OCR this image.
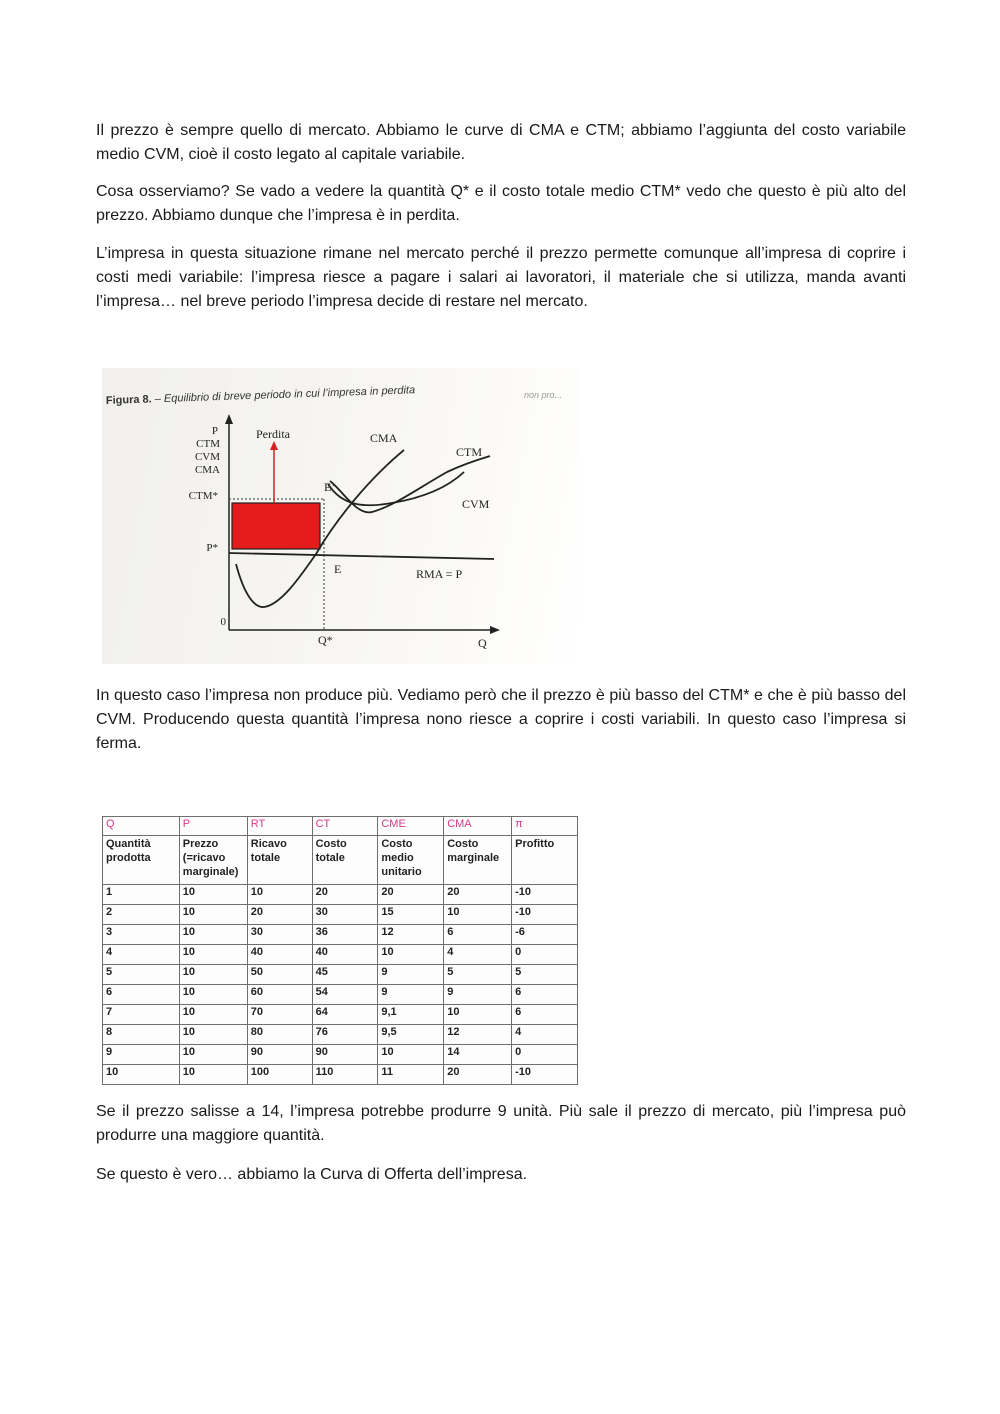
Il prezzo è sempre quello di mercato. Abbiamo le curve di CMA e CTM; abbiamo l’aggiunta del costo variabile medio CVM, cioè il costo legato al capitale variabile.

Cosa osserviamo? Se vado a vedere la quantità Q* e il costo totale medio CTM* vedo che questo è più alto del prezzo. Abbiamo dunque che l’impresa è in perdita.

L’impresa in questa situazione rimane nel mercato perché il prezzo permette comunque all’impresa di coprire i costi medi variabile: l’impresa riesce a pagare i salari ai lavoratori, il materiale che si utilizza, manda avanti l’impresa… nel breve periodo l’impresa decide di restare nel mercato.

Figura 8. – Equilibrio di breve periodo in cui l’impresa in perdita	non pro...
P
CTM
CVM
CMA
CTM*
P*
0
Perdita	CMA
CTM
CVM
E’
E	RMA = P
Q*	Q

In questo caso l’impresa non produce più. Vediamo però che il prezzo è più basso del CTM* e che è più basso del CVM. Producendo questa quantità l’impresa nono riesce a coprire i costi variabili. In questo caso l’impresa si ferma.

Q	P	RT	CT	CME	CMA	π
Quantità prodotta	Prezzo (=ricavo marginale)	Ricavo totale	Costo totale	Costo medio unitario	Costo marginale	Profitto
1	10	10	20	20	20	-10
2	10	20	30	15	10	-10
3	10	30	36	12	6	-6
4	10	40	40	10	4	0
5	10	50	45	9	5	5
6	10	60	54	9	9	6
7	10	70	64	9,1	10	6
8	10	80	76	9,5	12	4
9	10	90	90	10	14	0
10	10	100	110	11	20	-10

Se il prezzo salisse a 14, l’impresa potrebbe produrre 9 unità. Più sale il prezzo di mercato, più l’impresa può produrre una maggiore quantità.

Se questo è vero… abbiamo la Curva di Offerta dell’impresa.
